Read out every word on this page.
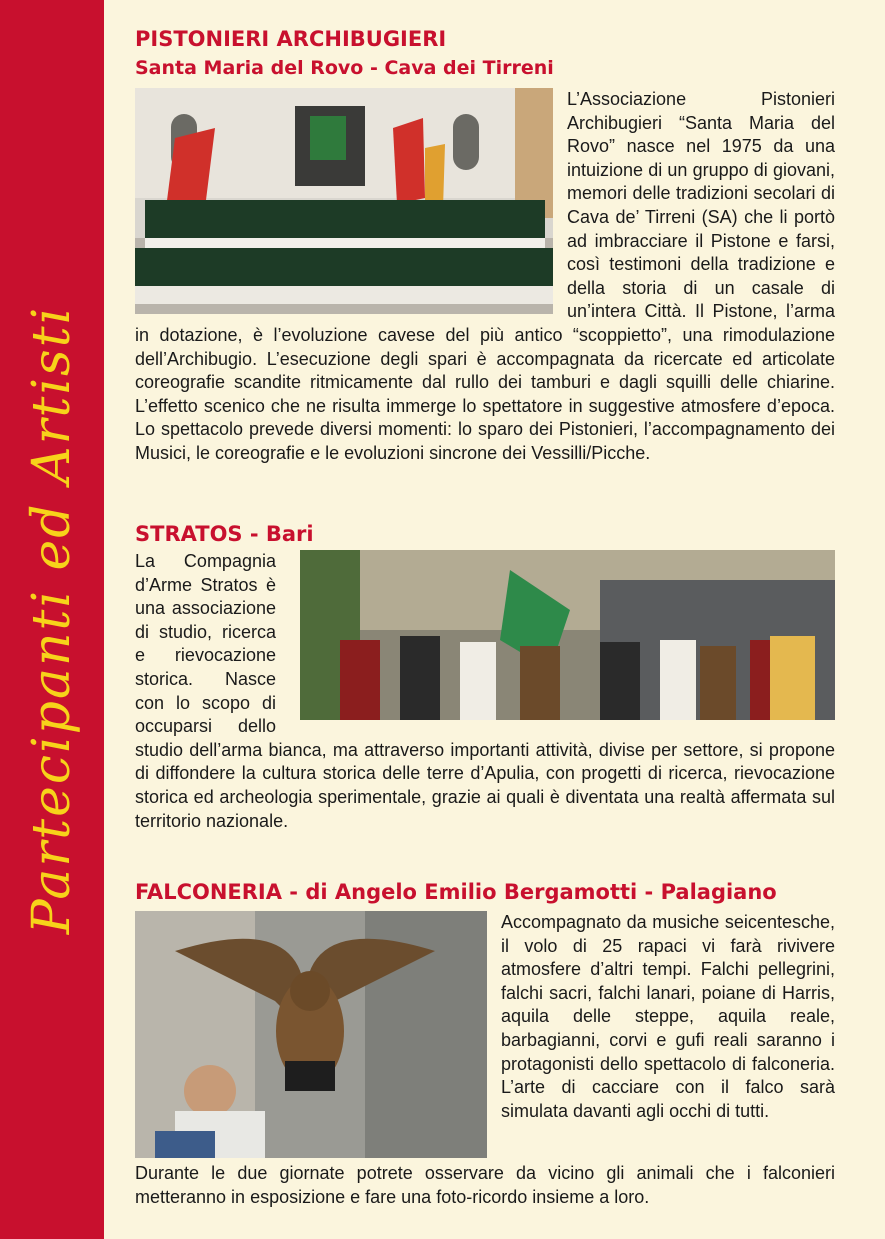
Partecipanti ed Artisti
PISTONIERI ARCHIBUGIERI
Santa Maria del Rovo - Cava dei Tirreni
L’Associazione Pistonieri Archibugieri “Santa Maria del Rovo” nasce nel 1975 da una intuizione di un gruppo di giovani, memori delle tradizioni secolari di Cava de’ Tirreni (SA) che li portò ad imbracciare il Pistone e farsi, così testimoni della tradizione e della storia di un casale di un’intera Città. Il Pistone, l’arma in dotazione, è l’evoluzione cavese del più antico “scoppietto”, una rimodulazione dell’Archibugio. L’esecuzione degli spari è accompagnata da ricercate ed articolate coreografie scandite ritmicamente dal rullo dei tamburi e dagli squilli delle chiarine. L’effetto scenico che ne risulta immerge lo spettatore in suggestive atmosfere d’epoca. Lo spettacolo prevede diversi momenti: lo sparo dei Pistonieri, l’accompagnamento dei Musici, le coreografie e le evoluzioni sincrone dei Vessilli/Picche.
STRATOS - Bari
La Compagnia d’Arme Stratos è una associazione di studio, ricerca e rievocazione storica. Nasce con lo scopo di occuparsi dello studio dell’arma bianca, ma attraverso importanti attività, divise per settore, si propone di diffondere la cultura storica delle terre d’Apulia, con progetti di ricerca, rievocazione storica ed archeologia sperimentale, grazie ai quali è diventata una realtà affermata sul territorio nazionale.
FALCONERIA - di Angelo Emilio Bergamotti - Palagiano
Accompagnato da musiche seicentesche, il volo di 25 rapaci vi farà rivivere atmosfere d’altri tempi. Falchi pellegrini, falchi sacri, falchi lanari, poiane di Harris, aquila delle steppe, aquila reale, barbagianni, corvi e gufi reali saranno i protagonisti dello spettacolo di falconeria. L’arte di cacciare con il falco sarà simulata davanti agli occhi di tutti.
Durante le due giornate potrete osservare da vicino gli animali che i falconieri metteranno in esposizione e fare una foto-ricordo insieme a loro.
